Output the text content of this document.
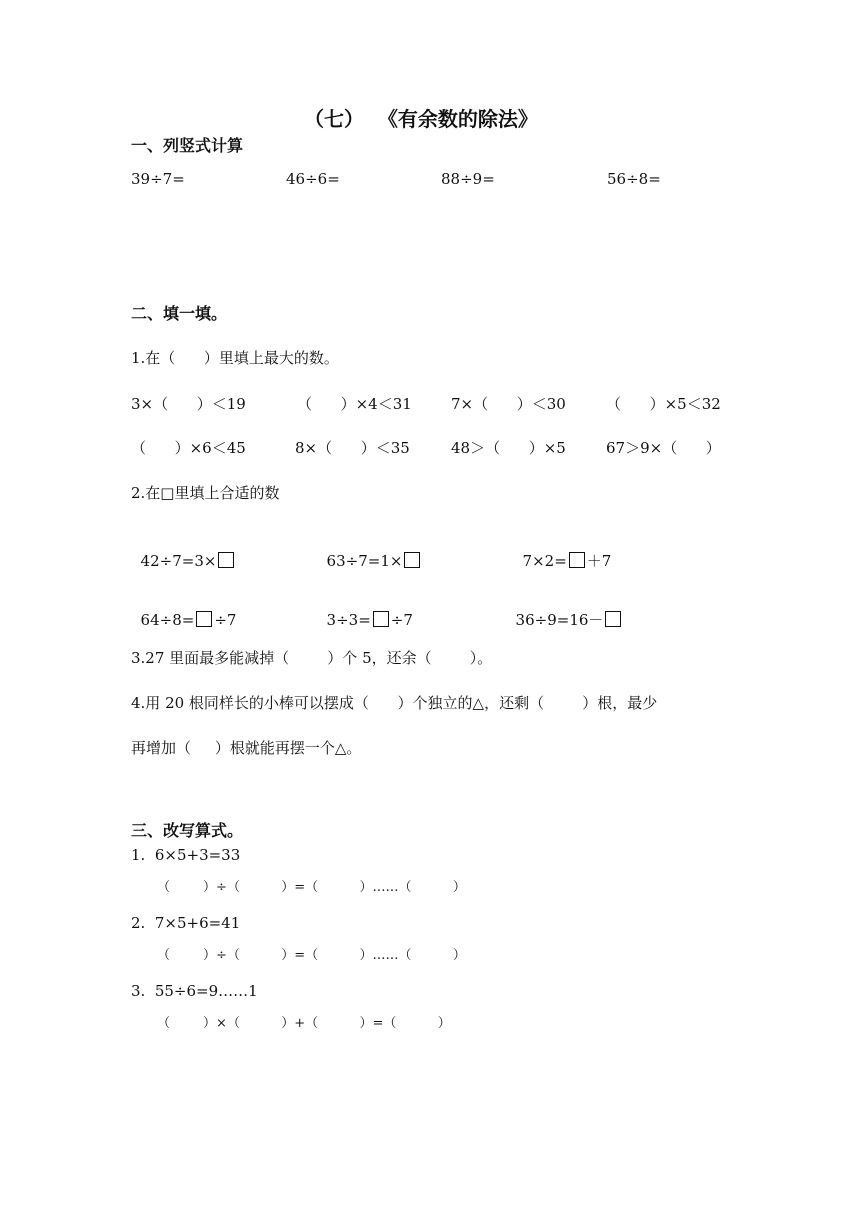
（七）  《有余数的除法》
一、列竖式计算
39÷7=	46÷6=	88÷9=	56÷8=
二、填一填。
1.在（      ）里填上最大的数。
3×（      ）＜19	（      ）×4＜31	7×（      ）＜30	（      ）×5＜32
（      ）×6＜45	8×（      ）＜35	48＞（      ）×5	67＞9×（      ）
2.在□里填上合适的数

42÷7=3×	63÷7=1×	7×2= ＋7

64÷8= ÷7	3÷3= ÷7	36÷9=16－

3.27 里面最多能减掉（        ）个 5，还余（        ）。
4.用 20 根同样长的小棒可以摆成（      ）个独立的△，还剩（        ）根，最少
再增加（     ）根就能再摆一个△。
三、改写算式。
1.  6×5+3=33
（        ）÷（          ）=（          ）……（          ）
2.  7×5+6=41
（        ）÷（          ）=（          ）……（          ）
3.  55÷6=9……1
（        ）×（          ）+（          ）=（          ）
